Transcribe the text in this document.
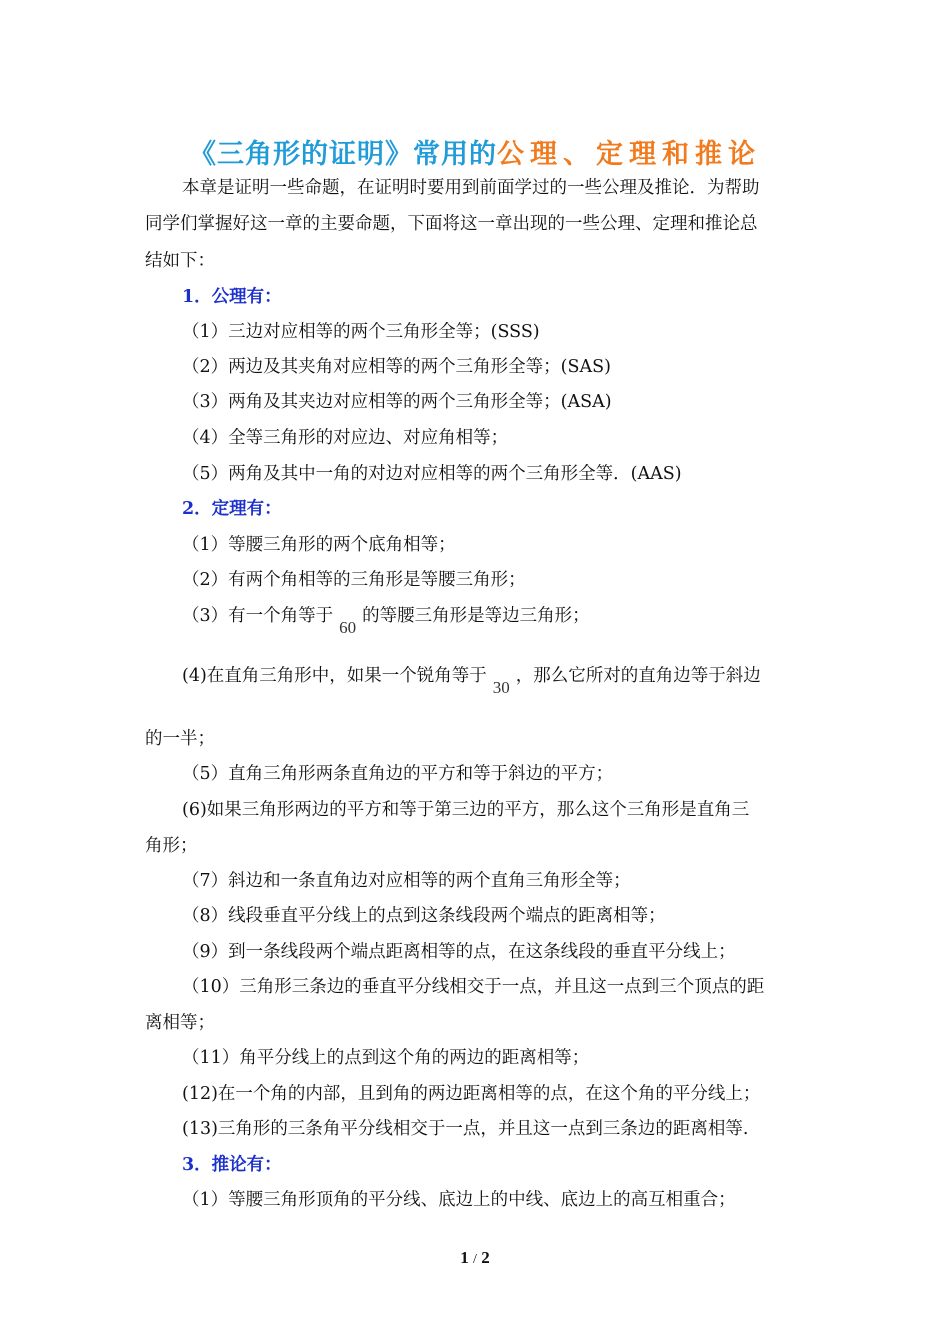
《三角形的证明》常用的公理、定理和推论
本章是证明一些命题，在证明时要用到前面学过的一些公理及推论．为帮助
同学们掌握好这一章的主要命题，下面将这一章出现的一些公理、定理和推论总
结如下：
1．公理有：
（1）三边对应相等的两个三角形全等；(SSS)
（2）两边及其夹角对应相等的两个三角形全等；(SAS)
（3）两角及其夹边对应相等的两个三角形全等；(ASA)
（4）全等三角形的对应边、对应角相等；
（5）两角及其中一角的对边对应相等的两个三角形全等．(AAS)
2．定理有：
（1）等腰三角形的两个底角相等；
（2）有两个角相等的三角形是等腰三角形；
（3）有一个角等于60的等腰三角形是等边三角形；
(4)在直角三角形中，如果一个锐角等于30，那么它所对的直角边等于斜边
的一半；
（5）直角三角形两条直角边的平方和等于斜边的平方；
(6)如果三角形两边的平方和等于第三边的平方，那么这个三角形是直角三
角形；
（7）斜边和一条直角边对应相等的两个直角三角形全等；
（8）线段垂直平分线上的点到这条线段两个端点的距离相等；
（9）到一条线段两个端点距离相等的点，在这条线段的垂直平分线上；
（10）三角形三条边的垂直平分线相交于一点，并且这一点到三个顶点的距
离相等；
（11）角平分线上的点到这个角的两边的距离相等；
(12)在一个角的内部，且到角的两边距离相等的点，在这个角的平分线上；
(13)三角形的三条角平分线相交于一点，并且这一点到三条边的距离相等.
3．推论有：
（1）等腰三角形顶角的平分线、底边上的中线、底边上的高互相重合；
1 / 2
